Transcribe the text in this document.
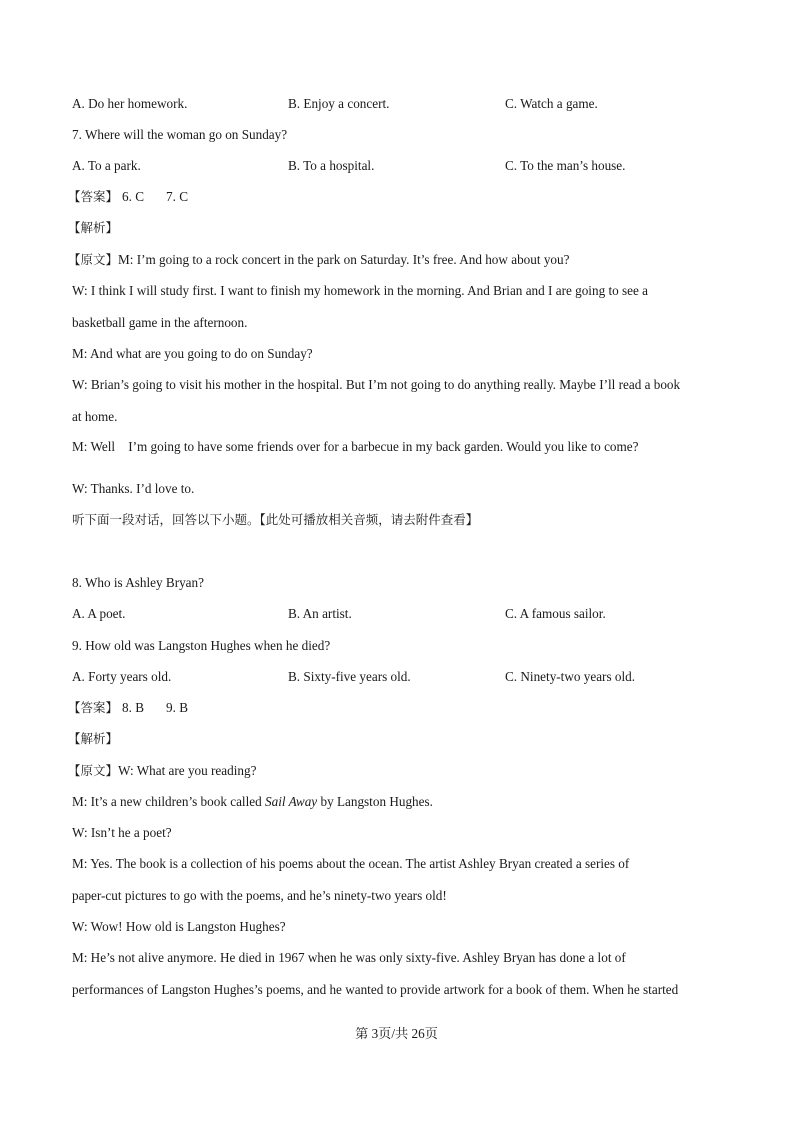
A. Do her homework.	B. Enjoy a concert.	C. Watch a game.
7. Where will the woman go on Sunday?
A. To a park.	B. To a hospital.	C. To the man’s house.
【答案】 6. C 7. C
【解析】
【原文】M: I’m going to a rock concert in the park on Saturday. It’s free. And how about you?
W: I think I will study first. I want to finish my homework in the morning. And Brian and I are going to see a
basketball game in the afternoon.
M: And what are you going to do on Sunday?
W: Brian’s going to visit his mother in the hospital. But I’m not going to do anything really. Maybe I’ll read a book
at home.
M: Well    I’m going to have some friends over for a barbecue in my back garden. Would you like to come?
W: Thanks. I’d love to.
听下面一段对话，回答以下小题。【此处可播放相关音频，请去附件查看】
8. Who is Ashley Bryan?
A. A poet.	B. An artist.	C. A famous sailor.
9. How old was Langston Hughes when he died?
A. Forty years old.	B. Sixty-five years old.	C. Ninety-two years old.
【答案】 8. B 9. B
【解析】
【原文】W: What are you reading?
M: It’s a new children’s book called Sail Away by Langston Hughes.
W: Isn’t he a poet?
M: Yes. The book is a collection of his poems about the ocean. The artist Ashley Bryan created a series of
paper-cut pictures to go with the poems, and he’s ninety-two years old!
W: Wow! How old is Langston Hughes?
M: He’s not alive anymore. He died in 1967 when he was only sixty-five. Ashley Bryan has done a lot of
performances of Langston Hughes’s poems, and he wanted to provide artwork for a book of them. When he started
第 3页/共 26页
